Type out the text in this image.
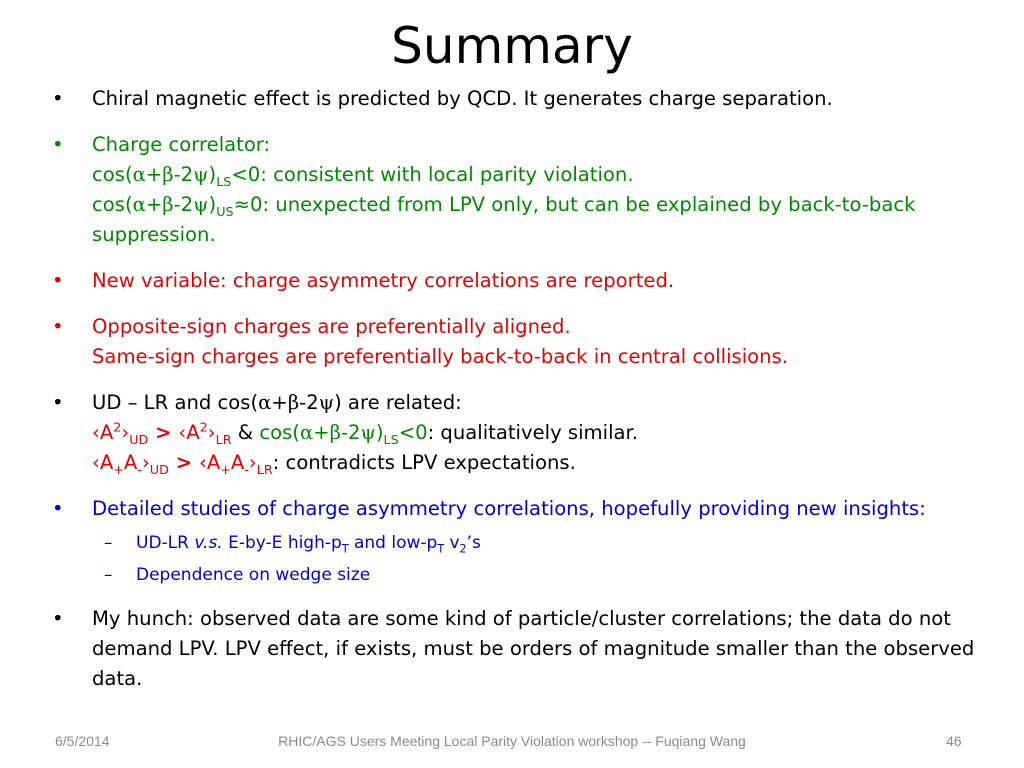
Summary
• Chiral magnetic effect is predicted by QCD. It generates charge separation.
• Charge correlator:
$\cos(\alpha+\beta-2\psi)_{LS}<0$: consistent with local parity violation.
$\cos(\alpha+\beta-2\psi)_{US}\approx 0$: unexpected from LPV only, but can be explained by back-to-back suppression.
• New variable: charge asymmetry correlations are reported.
• Opposite-sign charges are preferentially aligned.
Same-sign charges are preferentially back-to-back in central collisions.
• UD – LR and cos(α+β-2ψ) are related:
$‹A^2›_{UD}$ > $‹A^2›_{LR}$ & $\cos(\alpha+\beta-2\psi)_{LS}<0$: qualitatively similar.
$‹A_+A_-›_{UD}$ > $‹A_+A_-›_{LR}$: contradicts LPV expectations.
• Detailed studies of charge asymmetry correlations, hopefully providing new insights:
– UD-LR v.s. E-by-E high-$p_T$ and low-$p_T$ $v_2’s$
– Dependence on wedge size
• My hunch: observed data are some kind of particle/cluster correlations; the data do not demand LPV. LPV effect, if exists, must be orders of magnitude smaller than the observed data.
6/5/2014	RHIC/AGS Users Meeting Local Parity Violation workshop -- Fuqiang Wang	46
